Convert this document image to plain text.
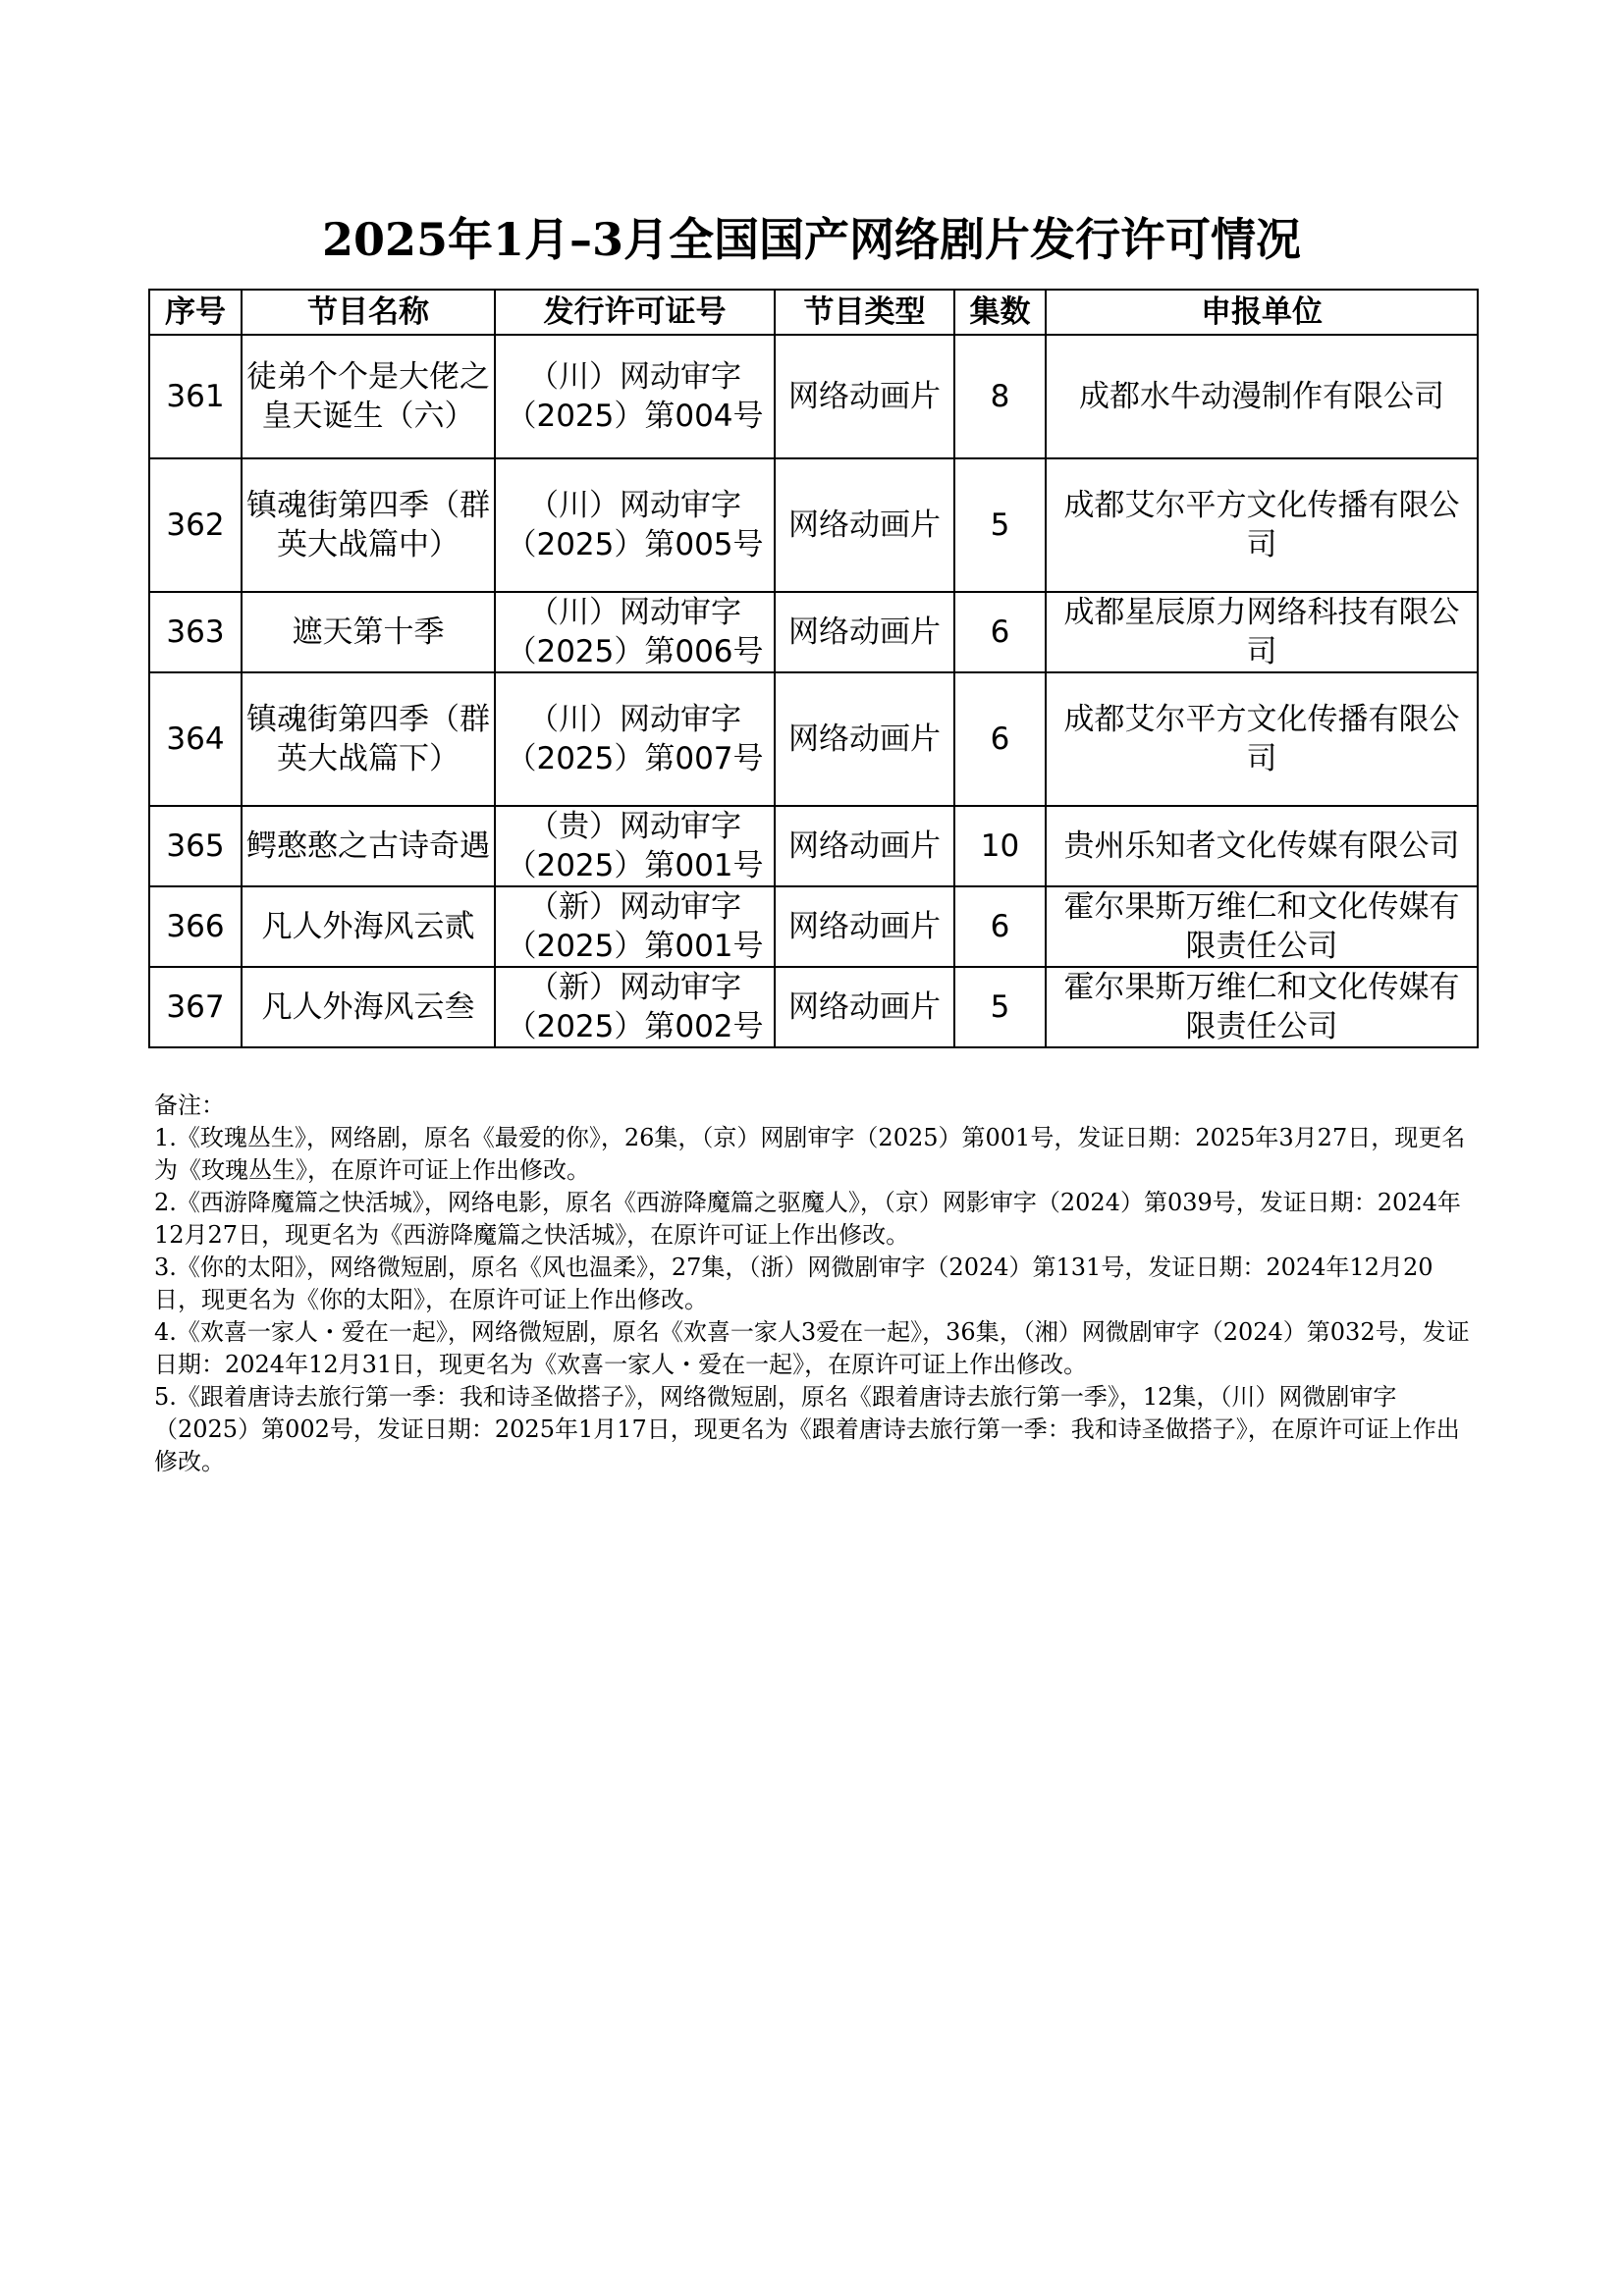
2025年1月–3月全国国产网络剧片发行许可情况
序号	节目名称	发行许可证号	节目类型	集数	申报单位
361	徒弟个个是大佬之皇天诞生（六）	（川）网动审字（2025）第004号	网络动画片	8	成都水牛动漫制作有限公司
362	镇魂街第四季（群英大战篇中）	（川）网动审字（2025）第005号	网络动画片	5	成都艾尔平方文化传播有限公司
363	遮天第十季	（川）网动审字（2025）第006号	网络动画片	6	成都星辰原力网络科技有限公司
364	镇魂街第四季（群英大战篇下）	（川）网动审字（2025）第007号	网络动画片	6	成都艾尔平方文化传播有限公司
365	鳄憨憨之古诗奇遇	（贵）网动审字（2025）第001号	网络动画片	10	贵州乐知者文化传媒有限公司
366	凡人外海风云贰	（新）网动审字（2025）第001号	网络动画片	6	霍尔果斯万维仁和文化传媒有限责任公司
367	凡人外海风云叁	（新）网动审字（2025）第002号	网络动画片	5	霍尔果斯万维仁和文化传媒有限责任公司

备注：

1.《玫瑰丛生》，网络剧，原名《最爱的你》，26集，（京）网剧审字（2025）第001号，发证日期：2025年3月27日，现更名为《玫瑰丛生》，在原许可证上作出修改。

2.《西游降魔篇之快活城》，网络电影，原名《西游降魔篇之驱魔人》，（京）网影审字（2024）第039号，发证日期：2024年12月27日，现更名为《西游降魔篇之快活城》，在原许可证上作出修改。

3.《你的太阳》，网络微短剧，原名《风也温柔》，27集，（浙）网微剧审字（2024）第131号，发证日期：2024年12月20日，现更名为《你的太阳》，在原许可证上作出修改。

4.《欢喜一家人・爱在一起》，网络微短剧，原名《欢喜一家人3爱在一起》，36集，（湘）网微剧审字（2024）第032号，发证日期：2024年12月31日，现更名为《欢喜一家人・爱在一起》，在原许可证上作出修改。

5.《跟着唐诗去旅行第一季：我和诗圣做搭子》，网络微短剧，原名《跟着唐诗去旅行第一季》，12集，（川）网微剧审字（2025）第002号，发证日期：2025年1月17日，现更名为《跟着唐诗去旅行第一季：我和诗圣做搭子》，在原许可证上作出修改。
